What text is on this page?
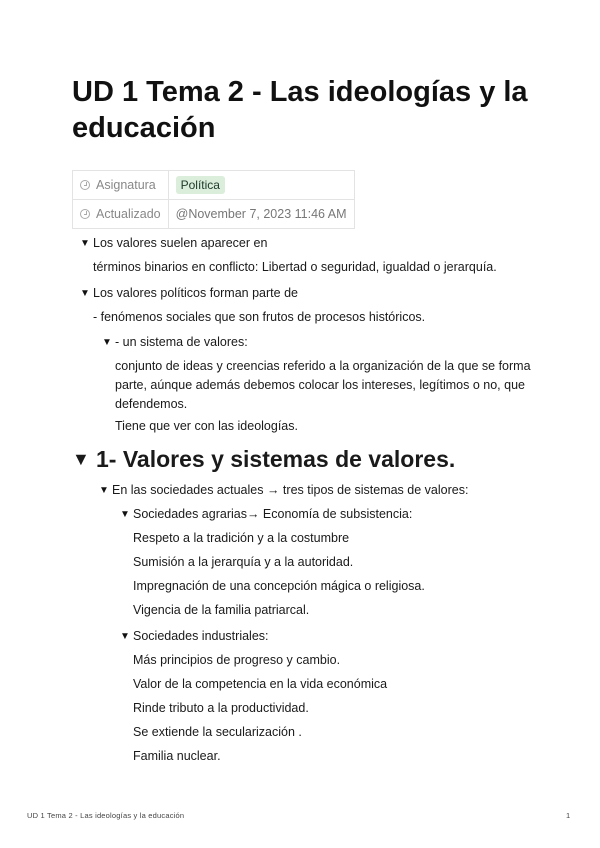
UD 1 Tema 2 - Las ideologías y la educación
Asignatura	Política
Actualizado	@November 7, 2023 11:46 AM
▼ Los valores suelen aparecer en

términos binarios en conflicto: Libertad o seguridad, igualdad o jerarquía.

▼ Los valores políticos forman parte de

- fenómenos sociales que son frutos de procesos históricos.

▼ - un sistema de valores:

conjunto de ideas y creencias referido a la organización de la que se forma parte, aúnque además debemos colocar los intereses, legítimos o no, que defendemos.

Tiene que ver con las ideologías.

▼ 1- Valores y sistemas de valores.
▼ En las sociedades actuales → tres tipos de sistemas de valores:

▼ Sociedades agrarias→ Economía de subsistencia:

Respeto a la tradición y a la costumbre

Sumisión a la jerarquía y a la autoridad.

Impregnación de una concepción mágica o religiosa.

Vigencia de la familia patriarcal.

▼ Sociedades industriales:

Más principios de progreso y cambio.

Valor de la competencia en la vida económica

Rinde tributo a la productividad.

Se extiende la secularización .

Familia nuclear.

UD 1 Tema 2 - Las ideologías y la educación	1
